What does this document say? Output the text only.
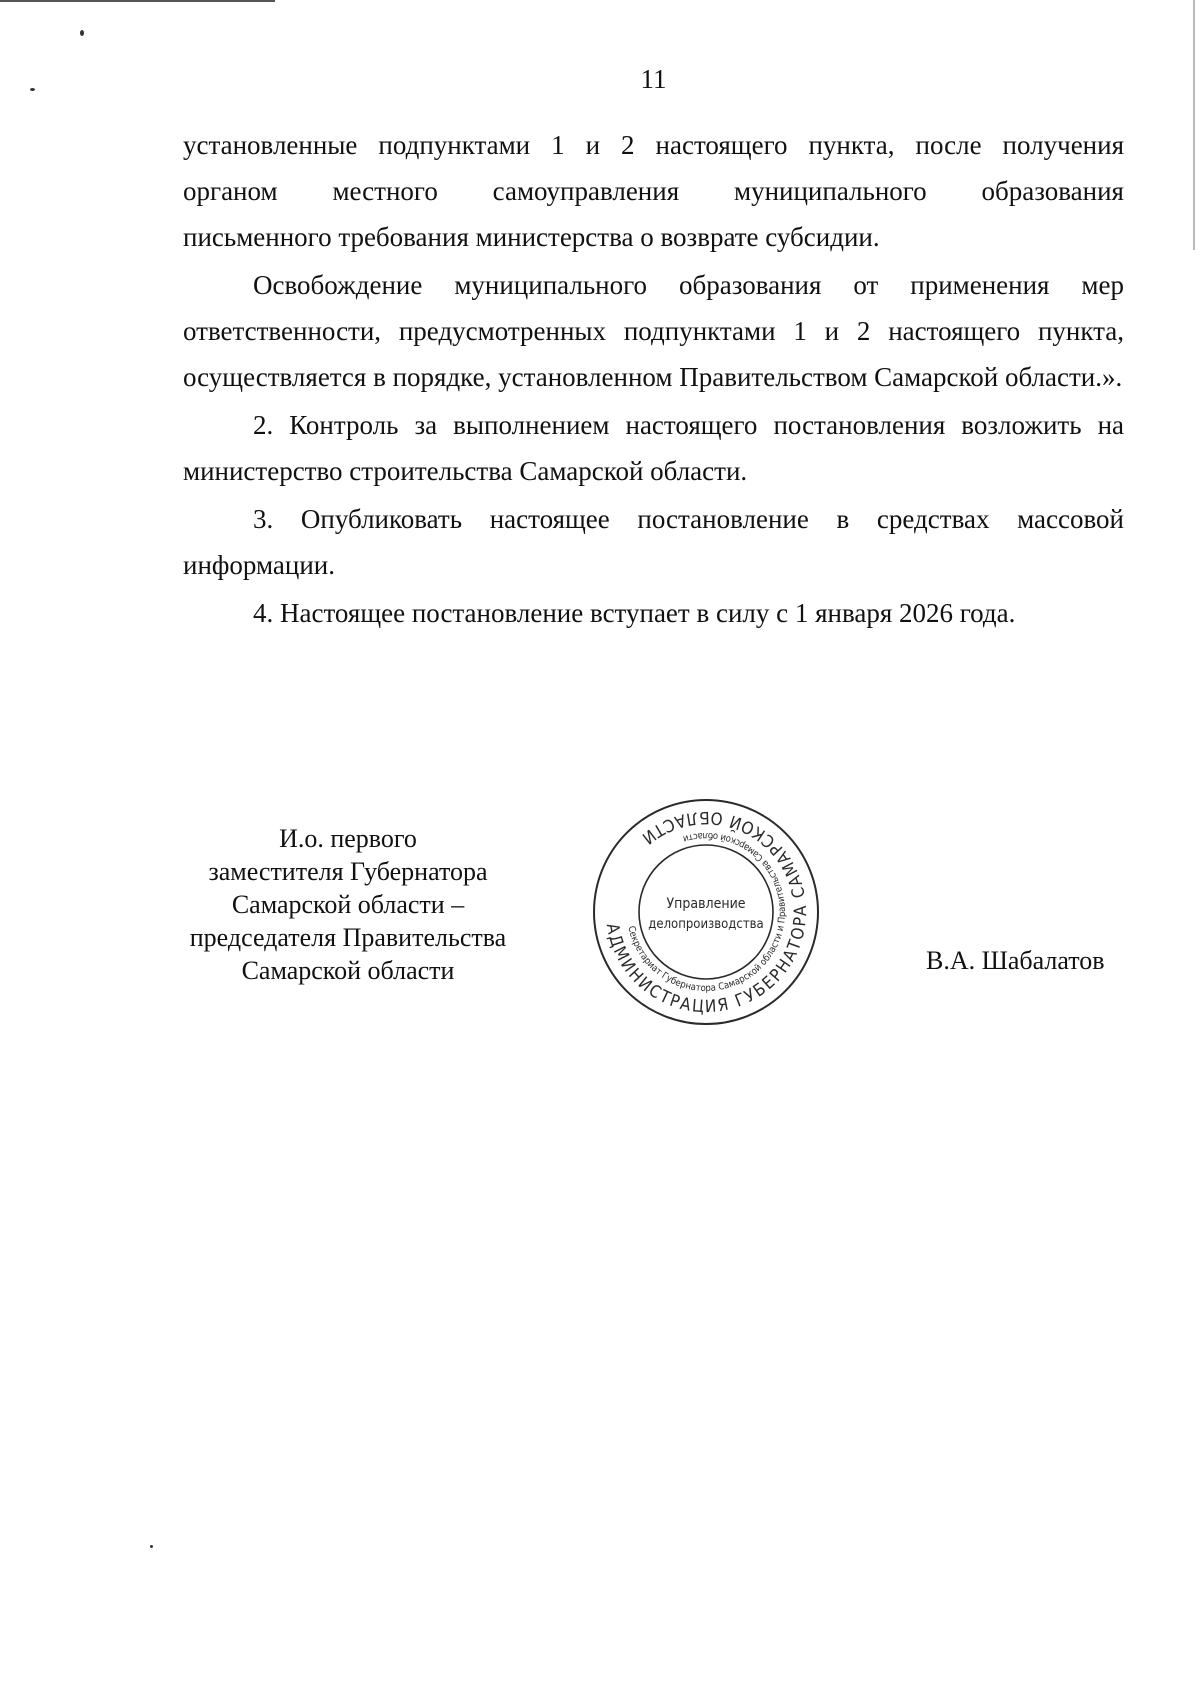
11

установленные подпунктами 1 и 2 настоящего пункта, после получения

органом местного самоуправления муниципального образования

письменного требования министерства о возврате субсидии.

Освобождение муниципального образования от применения мер ответственности, предусмотренных подпунктами 1 и 2 настоящего пункта, осуществляется в порядке, установленном Правительством Самарской области.».

2. Контроль за выполнением настоящего постановления возложить на министерство строительства Самарской области.

3. Опубликовать настоящее постановление в средствах массовой информации.

4. Настоящее постановление вступает в силу с 1 января 2026 года.

И.о. первого
заместителя Губернатора
Самарской области –
председателя Правительства
Самарской области
АДМИНИСТРАЦИЯ ГУБЕРНАТОРА САМАРСКОЙ ОБЛАСТИ
Секретариат Губернатора Самарской области и Правительства Самарской области
Управление
делопроизводства
В.А. Шабалатов
